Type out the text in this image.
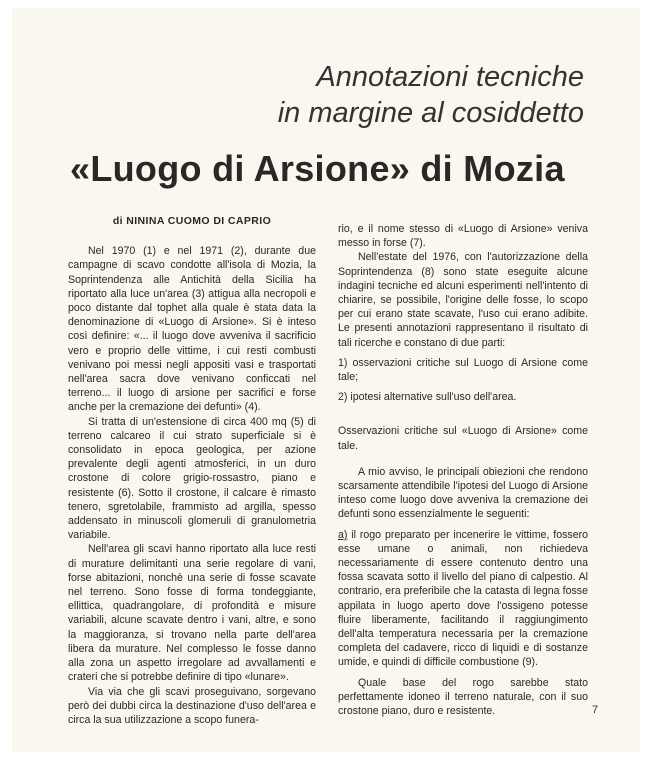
Annotazioni tecniche
in margine al cosiddetto
«Luogo di Arsione» di Mozia
di NININA CUOMO DI CAPRIO

Nel 1970 (1) e nel 1971 (2), durante due campagne di scavo condotte all'isola di Mozia, la Soprintendenza alle Antichità della Sicilia ha riportato alla luce un'area (3) attigua alla necropoli e poco distante dal tophet alla quale è stata data la denominazione di «Luogo di Arsione». Si è inteso così definire: «... il luogo dove avveniva il sacrificio vero e proprio delle vittime, i cui resti combusti venivano poi messi negli appositi vasi e trasportati nell'area sacra dove venivano conficcati nel terreno... il luogo di arsione per sacrifici e forse anche per la cremazione dei defunti» (4).

Si tratta di un'estensione di circa 400 mq (5) di terreno calcareo il cui strato superficiale si è consolidato in epoca geologica, per azione prevalente degli agenti atmosferici, in un duro crostone di colore grigio-rossastro, piano e resistente (6). Sotto il crostone, il calcare è rimasto tenero, sgretolabile, frammisto ad argilla, spesso addensato in minuscoli glomeruli di granulometria variabile.

Nell'area gli scavi hanno riportato alla luce resti di murature delimitanti una serie regolare di vani, forse abitazioni, nonchè una serie di fosse scavate nel terreno. Sono fosse di forma tondeggiante, ellittica, quadrangolare, di profondità e misure variabili, alcune scavate dentro i vani, altre, e sono la maggioranza, si trovano nella parte dell'area libera da murature. Nel complesso le fosse danno alla zona un aspetto irregolare ad avvallamenti e crateri che si potrebbe definire di tipo «lunare».

Via via che gli scavi proseguivano, sorgevano però dei dubbi circa la destinazione d'uso dell'area e circa la sua utilizzazione a scopo funera-

rio, e il nome stesso di «Luogo di Arsione» veniva messo in forse (7).

Nell'estate del 1976, con l'autorizzazione della Soprintendenza (8) sono state eseguite alcune indagini tecniche ed alcuni esperimenti nell'intento di chiarire, se possibile, l'origine delle fosse, lo scopo per cui erano state scavate, l'uso cui erano adibite. Le presenti annotazioni rappresentano il risultato di tali ricerche e constano di due parti:

1) osservazioni critiche sul Luogo di Arsione come tale;

2) ipotesi alternative sull'uso dell'area.

Osservazioni critiche sul «Luogo di Arsione» come tale.

A mio avviso, le principali obiezioni che rendono scarsamente attendibile l'ipotesi del Luogo di Arsione inteso come luogo dove avveniva la cremazione dei defunti sono essenzialmente le seguenti:

a) il rogo preparato per incenerire le vittime, fossero esse umane o animali, non richiedeva necessariamente di essere contenuto dentro una fossa scavata sotto il livello del piano di calpestio. Al contrario, era preferibile che la catasta di legna fosse appilata in luogo aperto dove l'ossigeno potesse fluire liberamente, facilitando il raggiungimento dell'alta temperatura necessaria per la cremazione completa del cadavere, ricco di liquidi e di sostanze umide, e quindi di difficile combustione (9).

Quale base del rogo sarebbe stato perfettamente idoneo il terreno naturale, con il suo crostone piano, duro e resistente.	7
